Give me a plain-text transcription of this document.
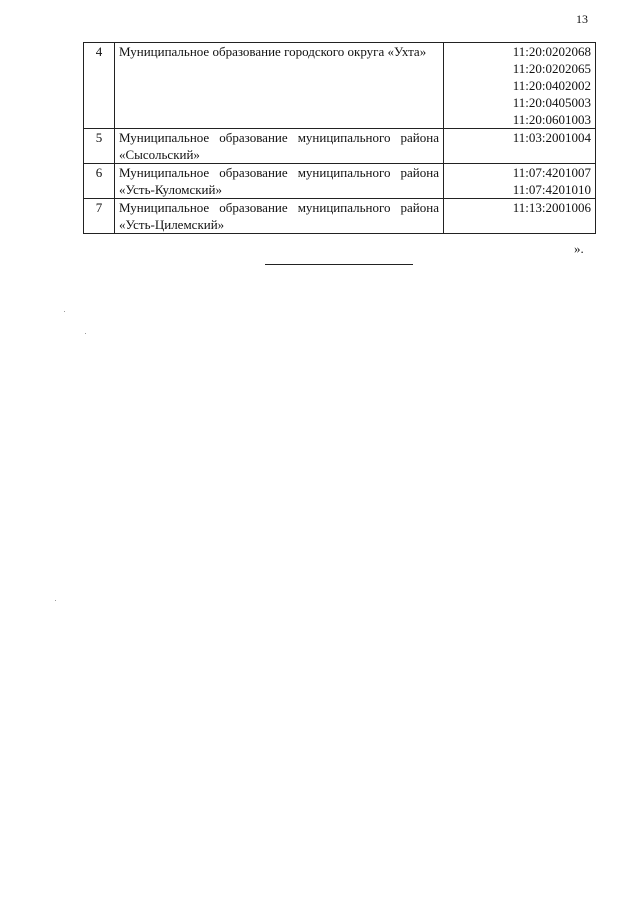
13
4	Муниципальное образование городского округа «Ухта»	11:20:0202068
11:20:0202065
11:20:0402002
11:20:0405003
11:20:0601003

5	Муниципальное образование муниципального района «Сысольский»	11:03:2001004

6	Муниципальное образование муниципального района «Усть-Куломский»	11:07:4201007
11:07:4201010

7	Муниципальное образование муниципального района «Усть-Цилемский»	11:13:2001006
».
